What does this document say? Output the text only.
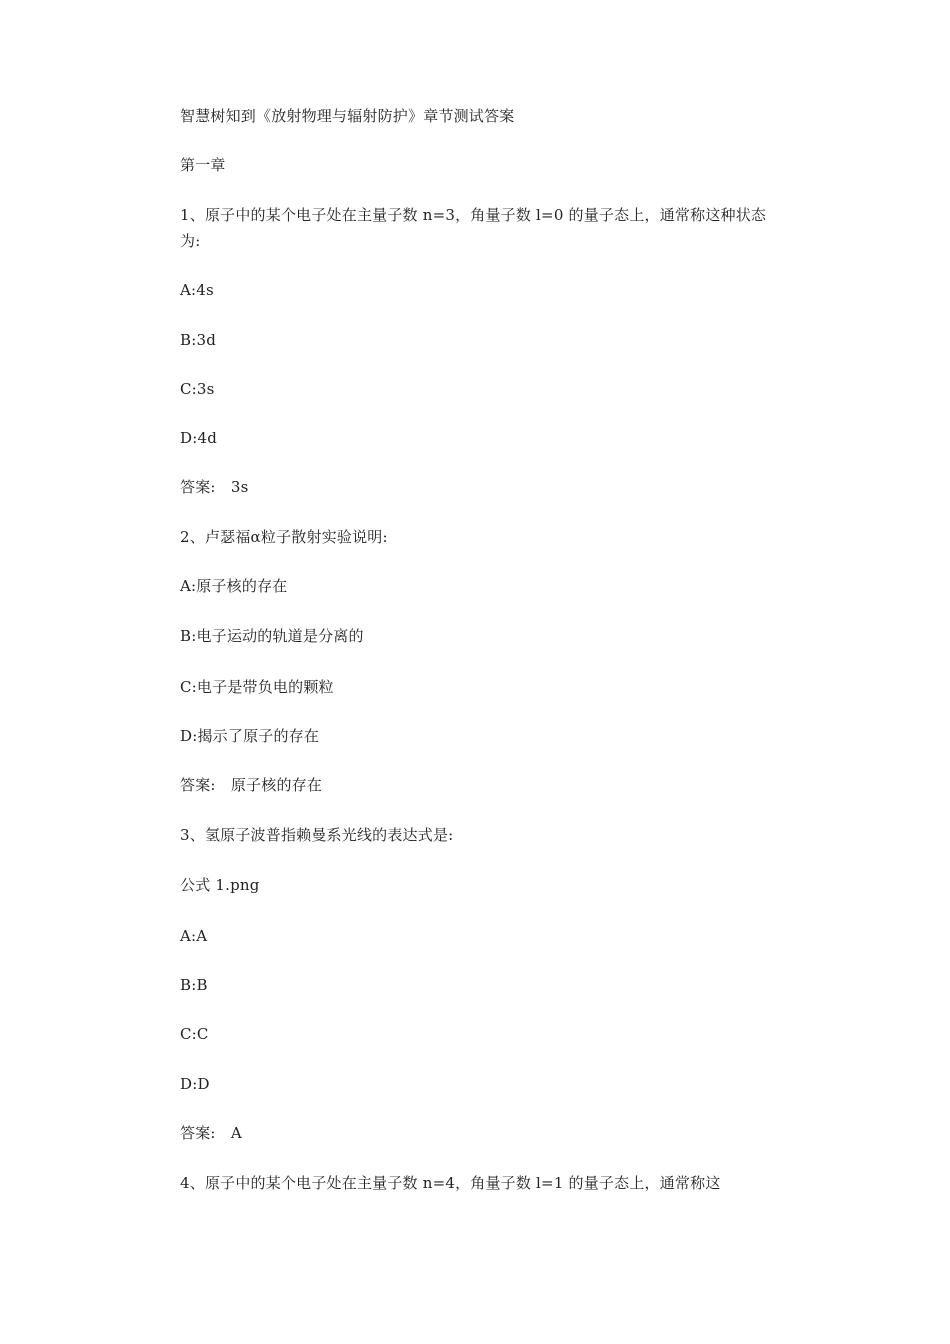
智慧树知到《放射物理与辐射防护》章节测试答案
第一章
1、原子中的某个电子处在主量子数 n=3，角量子数 l=0 的量子态上，通常称这种状态为:
A:4s
B:3d
C:3s
D:4d
答案:　3s
2、卢瑟福α粒子散射实验说明:
A:原子核的存在
B:电子运动的轨道是分离的
C:电子是带负电的颗粒
D:揭示了原子的存在
答案:　原子核的存在
3、氢原子波普指赖曼系光线的表达式是:
公式 1.png
A:A
B:B
C:C
D:D
答案:　A
4、原子中的某个电子处在主量子数 n=4，角量子数 l=1 的量子态上，通常称这
